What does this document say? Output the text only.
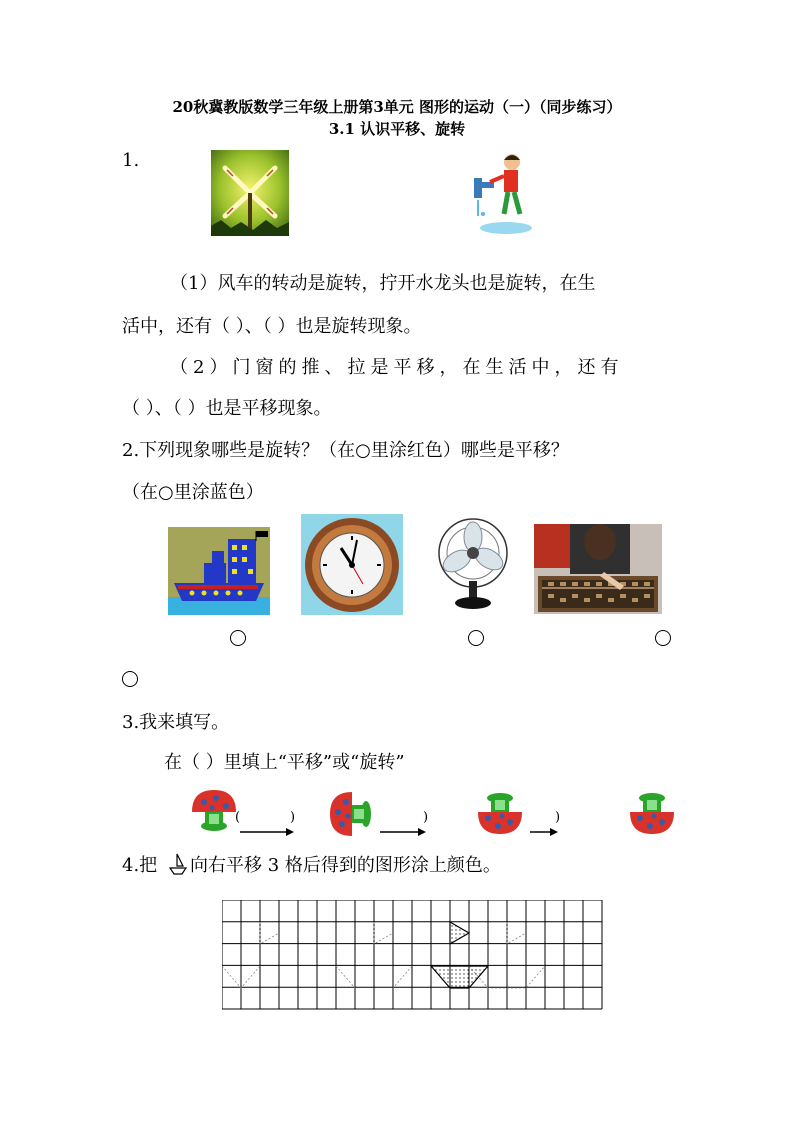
20秋冀教版数学三年级上册第3单元 图形的运动（一）（同步练习）
3.1 认识平移、旋转
1.
（1）风车的转动是旋转，拧开水龙头也是旋转，在生
活中，还有（ ）、（ ）也是旋转现象。
（2）门窗的推、拉是平移，在生活中，还有
（ ）、（ ）也是平移现象。
2.下列现象哪些是旋转？（在○里涂红色）哪些是平移？
（在○里涂蓝色）
3.我来填写。
在（ ）里填上“平移”或“旋转”
(	)	)	)
4.把 向右平移 3 格后得到的图形涂上颜色。
